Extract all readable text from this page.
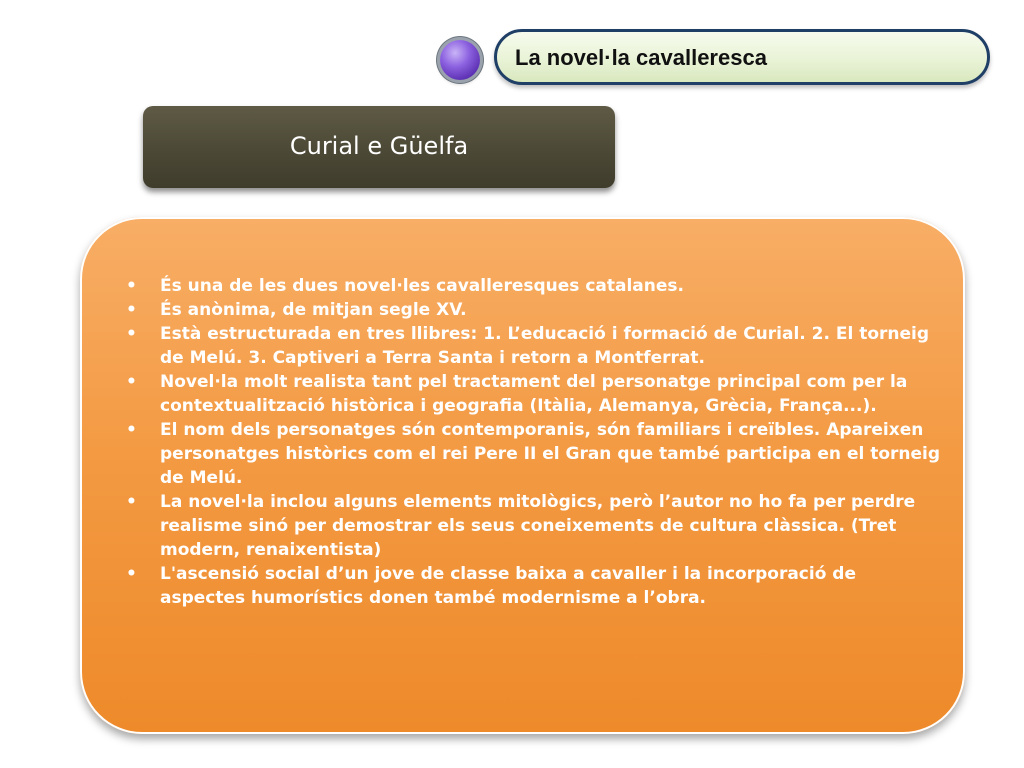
La novel·la cavalleresca
Curial e Güelfa
• És una de les dues novel·les cavalleresques catalanes.
• És anònima, de mitjan segle XV.
• Està estructurada en tres llibres: 1. L’educació i formació de Curial. 2. El torneig de Melú. 3. Captiveri a Terra Santa i retorn a Montferrat.
• Novel·la molt realista tant pel tractament del personatge principal com per la contextualització històrica i geografia (Itàlia, Alemanya, Grècia, França...).
• El nom dels personatges són contemporanis, són familiars i creïbles. Apareixen personatges històrics com el rei Pere II el Gran que també participa en el torneig de Melú.
• La novel·la inclou alguns elements mitològics, però l’autor no ho fa per perdre realisme sinó per demostrar els seus coneixements de cultura clàssica. (Tret modern, renaixentista)
• L'ascensió social d’un jove de classe baixa a cavaller i la incorporació de aspectes humorístics donen també modernisme a l’obra.
